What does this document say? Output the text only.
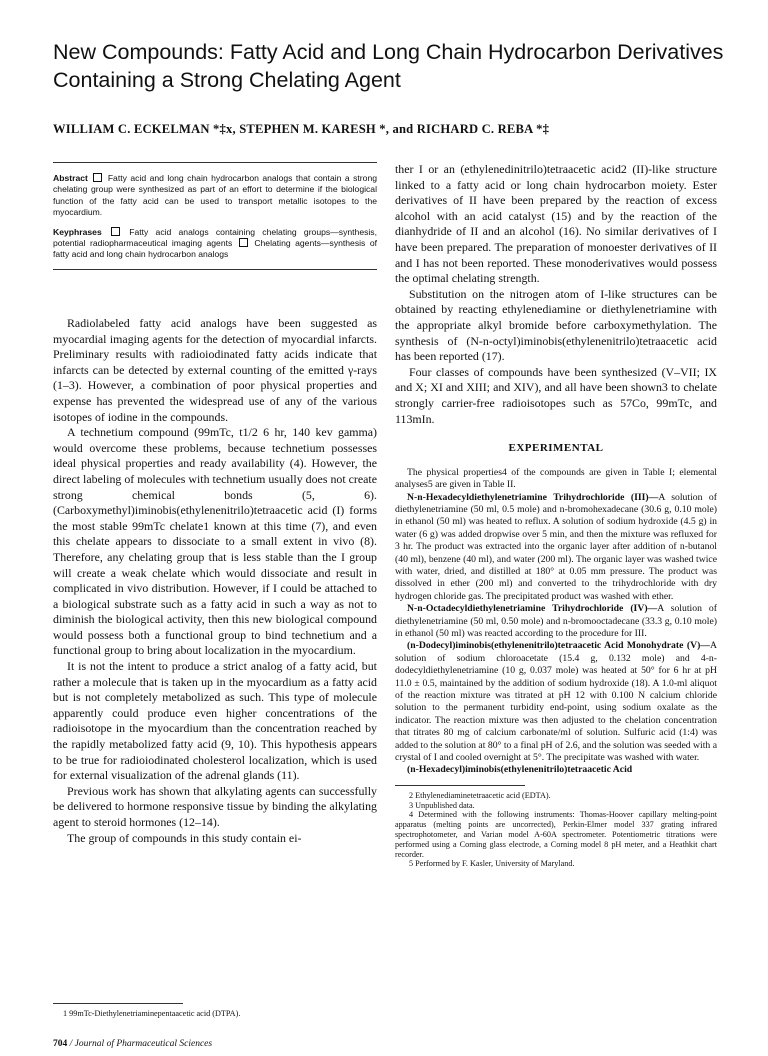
New Compounds: Fatty Acid and Long Chain Hydrocarbon Derivatives Containing a Strong Chelating Agent
WILLIAM C. ECKELMAN *‡x, STEPHEN M. KARESH *, and RICHARD C. REBA *‡

Abstract Fatty acid and long chain hydrocarbon analogs that contain a strong chelating group were synthesized as part of an effort to determine if the biological function of the fatty acid can be used to transport metallic isotopes to the myocardium.

Keyphrases	Fatty acid analogs containing chelating groups—synthesis, potential radiopharmaceutical imaging agents	Chelating agents—synthesis of fatty acid and long chain hydrocarbon analogs

Radiolabeled fatty acid analogs have been suggested as myocardial imaging agents for the detection of myocardial infarcts. Preliminary results with radioiodinated fatty acids indicate that infarcts can be detected by external counting of the emitted γ-rays (1–3). However, a combination of poor physical properties and expense has prevented the widespread use of any of the various isotopes of iodine in the compounds.

A technetium compound (99mTc, t1/2 6 hr, 140 kev gamma) would overcome these problems, because technetium possesses ideal physical properties and ready availability (4). However, the direct labeling of molecules with technetium usually does not create strong chemical bonds (5, 6). (Carboxymethyl)iminobis(ethylenenitrilo)tetraacetic acid (I) forms the most stable 99mTc chelate1 known at this time (7), and even this chelate appears to dissociate to a small extent in vivo (8). Therefore, any chelating group that is less stable than the I group will create a weak chelate which would dissociate and result in complicated in vivo distribution. However, if I could be attached to a biological substrate such as a fatty acid in such a way as not to diminish the biological activity, then this new biological compound would possess both a functional group to bind technetium and a functional group to bring about localization in the myocardium.

It is not the intent to produce a strict analog of a fatty acid, but rather a molecule that is taken up in the myocardium as a fatty acid but is not completely metabolized as such. This type of molecule apparently could produce even higher concentrations of the radioisotope in the myocardium than the concentration reached by the rapidly metabolized fatty acid (9, 10). This hypothesis appears to be true for radioiodinated cholesterol localization, which is used for external visualization of the adrenal glands (11).

Previous work has shown that alkylating agents can successfully be delivered to hormone responsive tissue by binding the alkylating agent to steroid hormones (12–14).

The group of compounds in this study contain ei-

ther I or an (ethylenedinitrilo)tetraacetic acid2 (II)-like structure linked to a fatty acid or long chain hydrocarbon moiety. Ester derivatives of II have been prepared by the reaction of excess alcohol with an acid catalyst (15) and by the reaction of the dianhydride of II and an alcohol (16). No similar derivatives of I have been prepared. The preparation of monoester derivatives of II and I has not been reported. These monoderivatives would possess the optimal chelating strength.

Substitution on the nitrogen atom of I-like structures can be obtained by reacting ethylenediamine or diethylenetriamine with the appropriate alkyl bromide before carboxymethylation. The synthesis of (N-n-octyl)iminobis(ethylenenitrilo)tetraacetic acid has been reported (17).

Four classes of compounds have been synthesized (V–VII; IX and X; XI and XIII; and XIV), and all have been shown3 to chelate strongly carrier-free radioisotopes such as 57Co, 99mTc, and 113mIn.

EXPERIMENTAL

The physical properties4 of the compounds are given in Table I; elemental analyses5 are given in Table II.

N-n-Hexadecyldiethylenetriamine Trihydrochloride (III)—A solution of diethylenetriamine (50 ml, 0.5 mole) and n-bromohexadecane (30.6 g, 0.10 mole) in ethanol (50 ml) was heated to reflux. A solution of sodium hydroxide (4.5 g) in water (6 g) was added dropwise over 5 min, and then the mixture was refluxed for 3 hr. The product was extracted into the organic layer after addition of n-butanol (40 ml), benzene (40 ml), and water (200 ml). The organic layer was washed twice with water, dried, and distilled at 180° at 0.05 mm pressure. The product was dissolved in ether (200 ml) and converted to the trihydrochloride with dry hydrogen chloride gas. The precipitated product was washed with ether.

N-n-Octadecyldiethylenetriamine Trihydrochloride (IV)—A solution of diethylenetriamine (50 ml, 0.50 mole) and n-bromooctadecane (33.3 g, 0.10 mole) in ethanol (50 ml) was reacted according to the procedure for III.

(n-Dodecyl)iminobis(ethylenenitrilo)tetraacetic Acid Monohydrate (V)—A solution of sodium chloroacetate (15.4 g, 0.132 mole) and 4-n-dodecyldiethylenetriamine (10 g, 0.037 mole) was heated at 50° for 6 hr at pH 11.0 ± 0.5, maintained by the addition of sodium hydroxide (18). A 1.0-ml aliquot of the reaction mixture was titrated at pH 12 with 0.100 N calcium chloride solution to the permanent turbidity end-point, using sodium oxalate as the indicator. The reaction mixture was then adjusted to the chelation concentration that titrates 80 mg of calcium carbonate/ml of solution. Sulfuric acid (1:4) was added to the solution at 80° to a final pH of 2.6, and the solution was seeded with a crystal of I and cooled overnight at 5°. The precipitate was washed with water.

(n-Hexadecyl)iminobis(ethylenenitrilo)tetraacetic Acid

2 Ethylenediaminetetraacetic acid (EDTA).

3 Unpublished data.

4 Determined with the following instruments: Thomas-Hoover capillary melting-point apparatus (melting points are uncorrected), Perkin-Elmer model 337 grating infrared spectrophotometer, and Varian model A-60A spectrometer. Potentiometric titrations were performed using a Corning glass electrode, a Corning model 8 pH meter, and a Heathkit chart recorder.

5 Performed by F. Kasler, University of Maryland.

1 99mTc-Diethylenetriaminepentaacetic acid (DTPA).

704 / Journal of Pharmaceutical Sciences
